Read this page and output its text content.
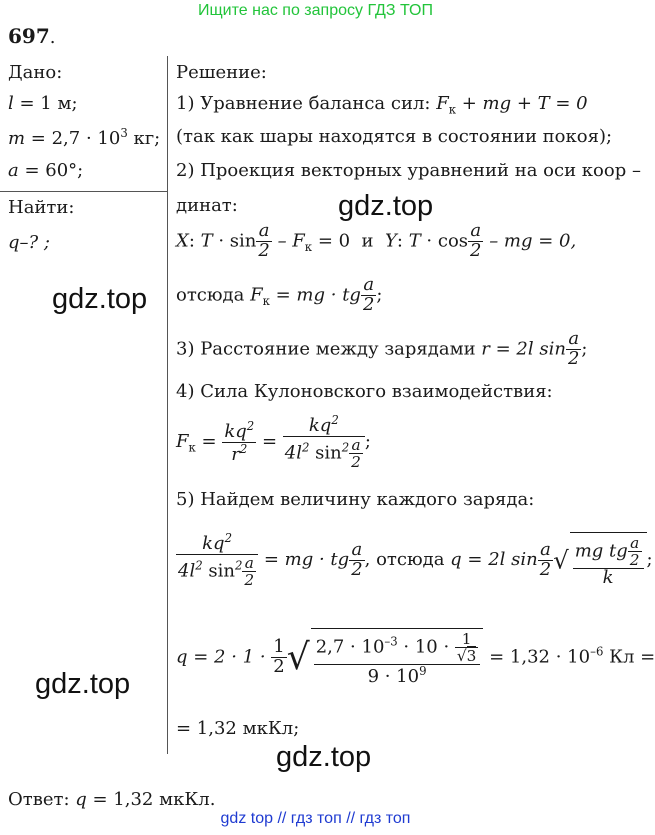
Ищите нас по запросу ГДЗ ТОП
697.
Дано:
l = 1 м;
$m = 2,7 \cdot 10^3$ кг;
a = 60°;
Найти:
q–? ;
Решение:
1) Уравнение баланса сил: $F_к$ + mg + T = 0
(так как шары находятся в состоянии покоя);
2) Проекция векторных уравнений на оси коор –
динат:
X: $T \cdot \sin \frac{a}{2} - F_к = 0$ и Y: $T \cdot \cos \frac{a}{2}$ – mg = 0,
отсюда $F_к$ = mg · tg $\frac{a}{2}$ ;
3) Расстояние между зарядами r = 2l $\sin \frac{a}{2}$ ;
4) Сила Кулоновского взаимодействия:
$F_к = \frac{kq^2}{r^2} = \frac{kq^2}{4l^2 \sin^2 \frac{a}{2}}$ ;
5) Найдем величину каждого заряда:
$\frac{kq^2}{4l^2 \sin^2 \frac{a}{2}}$ = mg · tg $\frac{a}{2}$ , отсюда q = 2l $\sin \frac{a}{2}$ √ $\frac{mg tg \frac{a}{2}}{k}$ ;
$q = 2 \cdot 1 \cdot \frac{1}{2}$ √ $\frac{2,7 \cdot 10^{-3} \cdot 10 \cdot \frac{1}{√3}}{9 \cdot 10^9} = 1,32 \cdot 10^{-6}$ Кл =
= 1,32 мкКл;
Ответ: q = 1,32 мкКл.
gdz.top
gdz.top
gdz.top
gdz.top
gdz top // гдз топ // гдз топ
